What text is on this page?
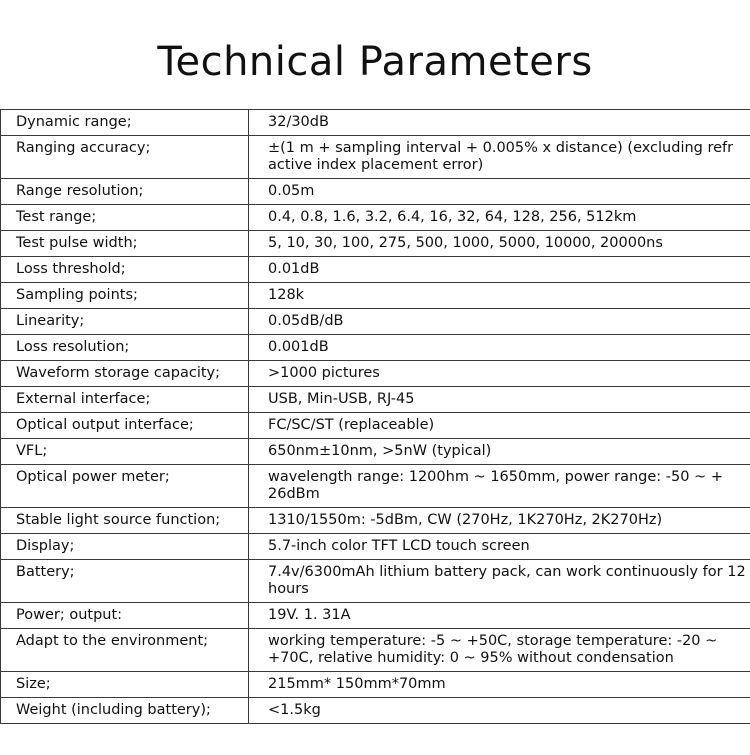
Technical Parameters
Dynamic range;	32/30dB
Ranging accuracy;	±(1 m + sampling interval + 0.005% x distance) (excluding refr active index placement error)
Range resolution;	0.05m
Test range;	0.4, 0.8, 1.6, 3.2, 6.4, 16, 32, 64, 128, 256, 512km
Test pulse width;	5, 10, 30, 100, 275, 500, 1000, 5000, 10000, 20000ns
Loss threshold;	0.01dB
Sampling points;	128k
Linearity;	0.05dB/dB
Loss resolution;	0.001dB
Waveform storage capacity;	>1000 pictures
External interface;	USB, Min-USB, RJ-45
Optical output interface;	FC/SC/ST (replaceable)
VFL;	650nm±10nm, >5nW (typical)
Optical power meter;	wavelength range: 1200hm ~ 1650mm, power range: -50 ~ + 26dBm
Stable light source function;	1310/1550m: -5dBm, CW (270Hz, 1K270Hz, 2K270Hz)
Display;	5.7-inch color TFT LCD touch screen
Battery;	7.4v/6300mAh lithium battery pack, can work continuously for 12 hours
Power; output:	19V. 1. 31A
Adapt to the environment;	working temperature: -5 ~ +50C, storage temperature: -20 ~ +70C, relative humidity: 0 ~ 95% without condensation
Size;	215mm* 150mm*70mm
Weight (including battery);	<1.5kg
